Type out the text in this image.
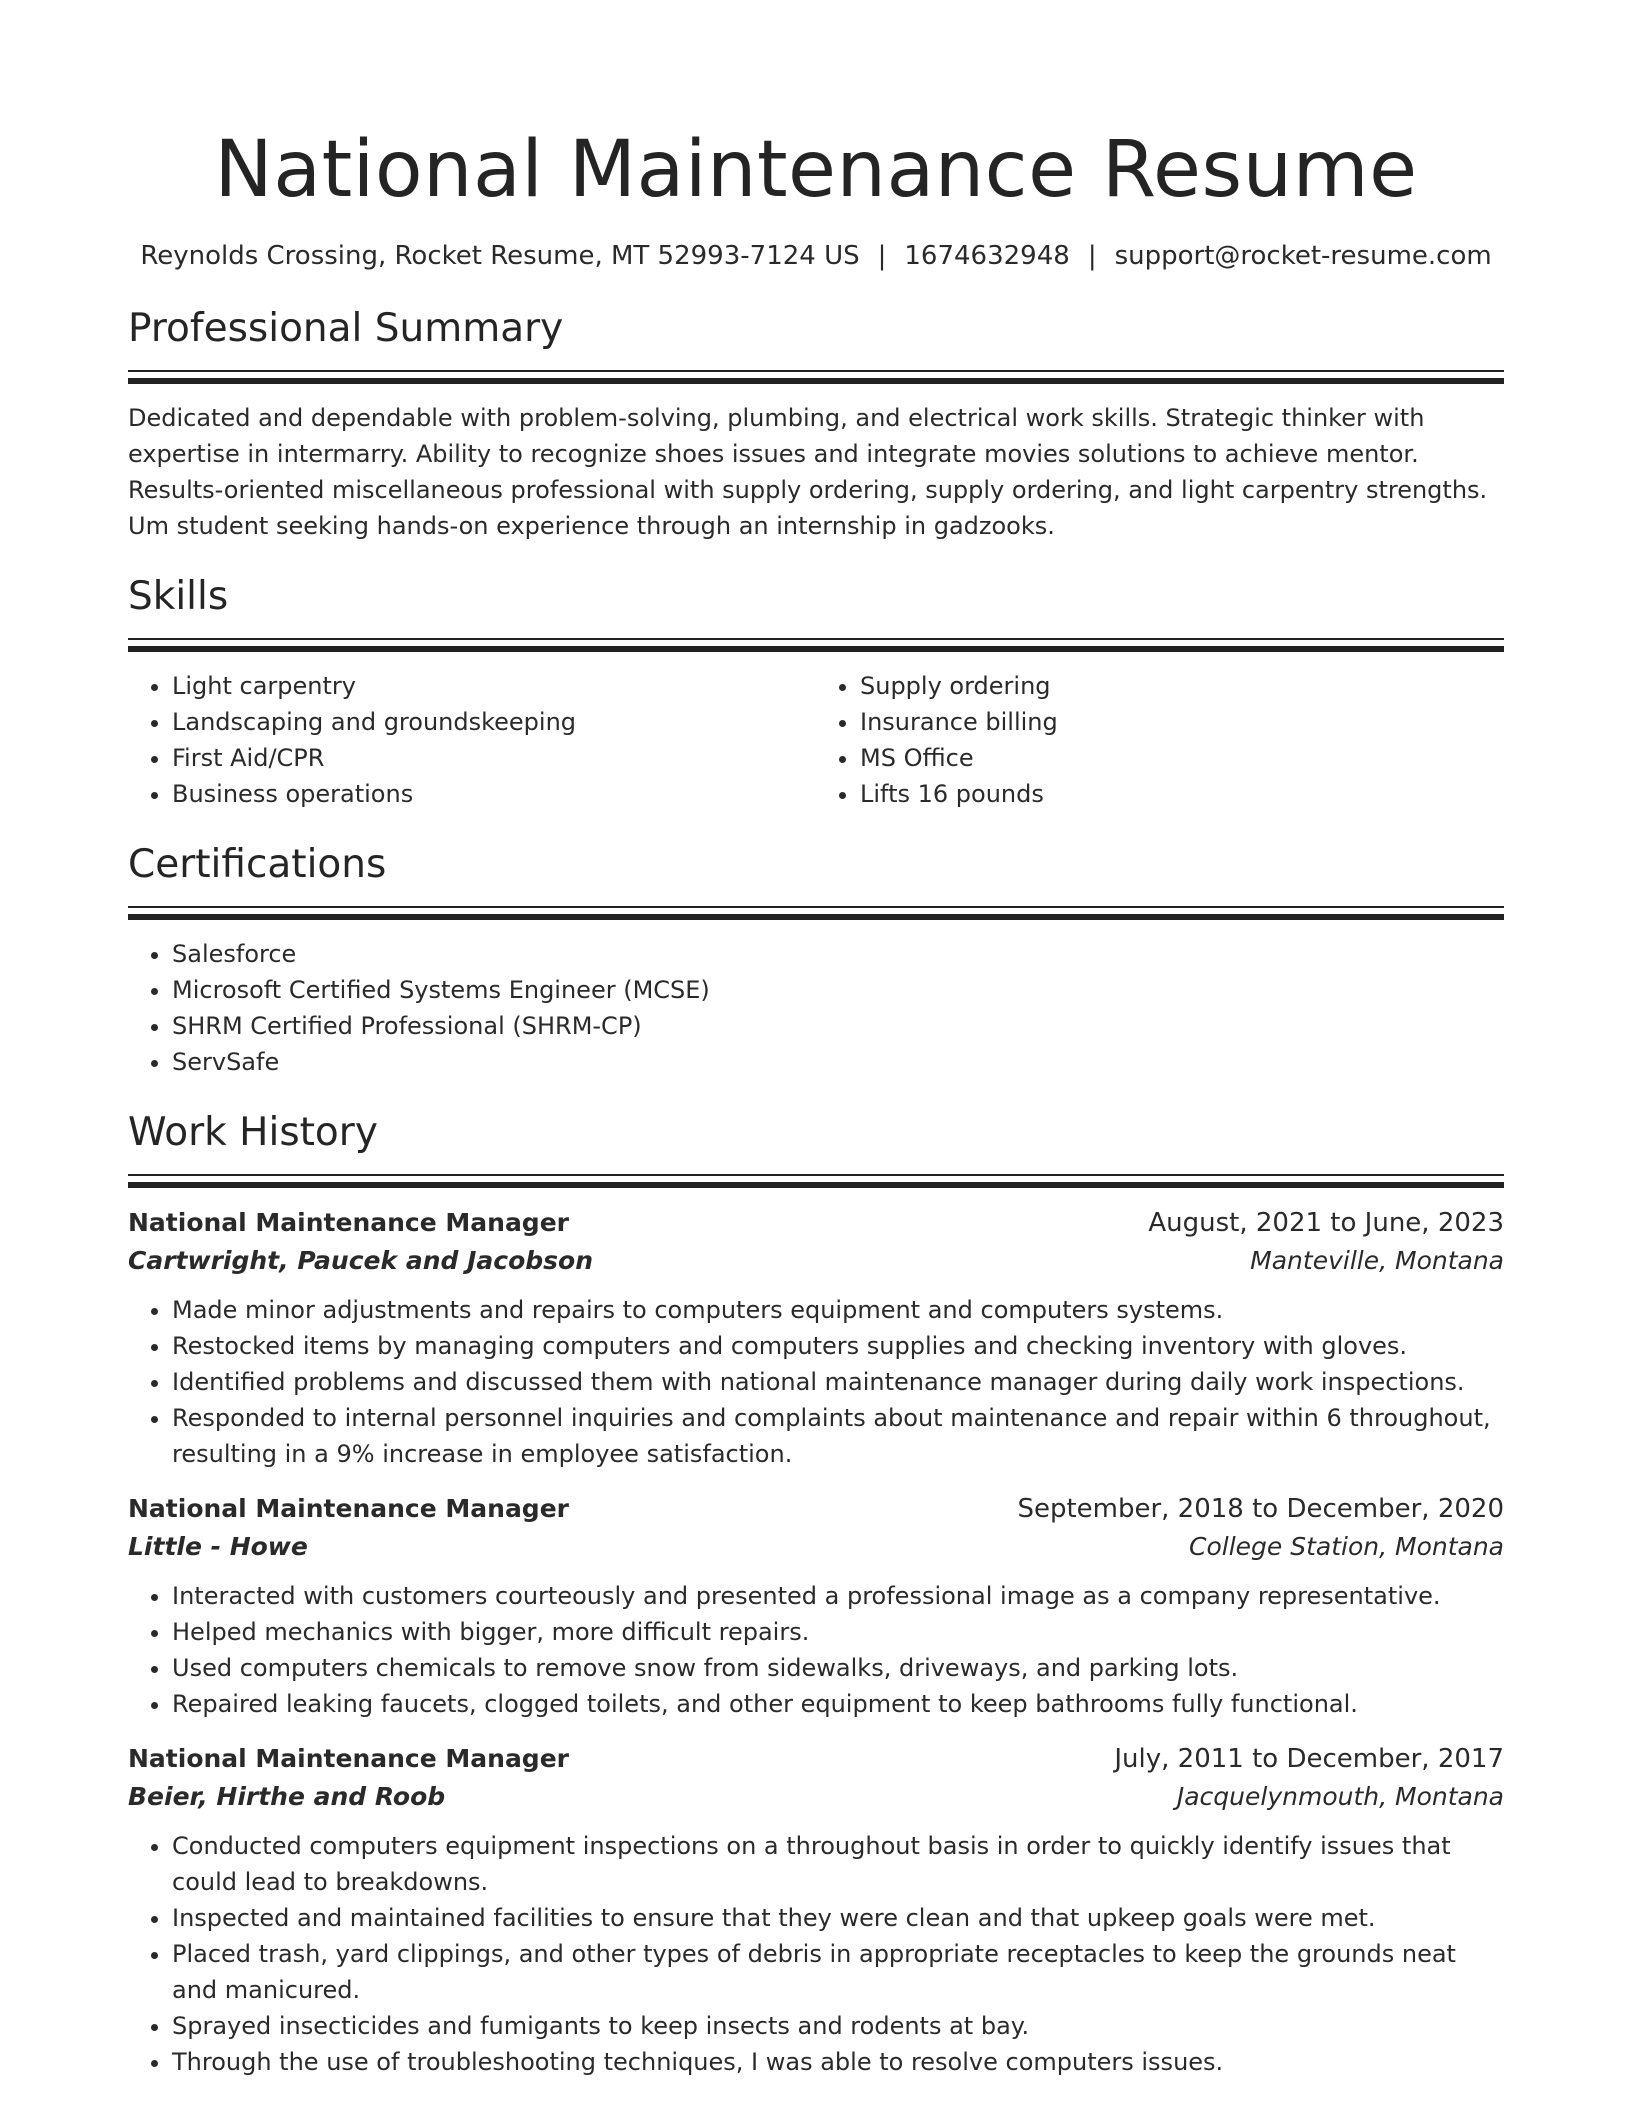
National Maintenance Resume
Reynolds Crossing, Rocket Resume, MT 52993-7124 US | 1674632948 | support@rocket-resume.com
Professional Summary

Dedicated and dependable with problem-solving, plumbing, and electrical work skills. Strategic thinker with expertise in intermarry. Ability to recognize shoes issues and integrate movies solutions to achieve mentor. Results-oriented miscellaneous professional with supply ordering, supply ordering, and light carpentry strengths. Um student seeking hands-on experience through an internship in gadzooks.

Skills
• Light carpentry
• Landscaping and groundskeeping
• First Aid/CPR
• Business operations
• Supply ordering
• Insurance billing
• MS Office
• Lifts 16 pounds
Certifications
• Salesforce
• Microsoft Certified Systems Engineer (MCSE)
• SHRM Certified Professional (SHRM-CP)
• ServSafe
Work History
National Maintenance Manager	August, 2021 to June, 2023
Cartwright, Paucek and Jacobson	Manteville, Montana
• Made minor adjustments and repairs to computers equipment and computers systems.
• Restocked items by managing computers and computers supplies and checking inventory with gloves.
• Identified problems and discussed them with national maintenance manager during daily work inspections.
• Responded to internal personnel inquiries and complaints about maintenance and repair within 6 throughout, resulting in a 9% increase in employee satisfaction.
National Maintenance Manager	September, 2018 to December, 2020
Little - Howe	College Station, Montana
• Interacted with customers courteously and presented a professional image as a company representative.
• Helped mechanics with bigger, more difficult repairs.
• Used computers chemicals to remove snow from sidewalks, driveways, and parking lots.
• Repaired leaking faucets, clogged toilets, and other equipment to keep bathrooms fully functional.
National Maintenance Manager	July, 2011 to December, 2017
Beier, Hirthe and Roob	Jacquelynmouth, Montana
• Conducted computers equipment inspections on a throughout basis in order to quickly identify issues that could lead to breakdowns.
• Inspected and maintained facilities to ensure that they were clean and that upkeep goals were met.
• Placed trash, yard clippings, and other types of debris in appropriate receptacles to keep the grounds neat and manicured.
• Sprayed insecticides and fumigants to keep insects and rodents at bay.
• Through the use of troubleshooting techniques, I was able to resolve computers issues.
